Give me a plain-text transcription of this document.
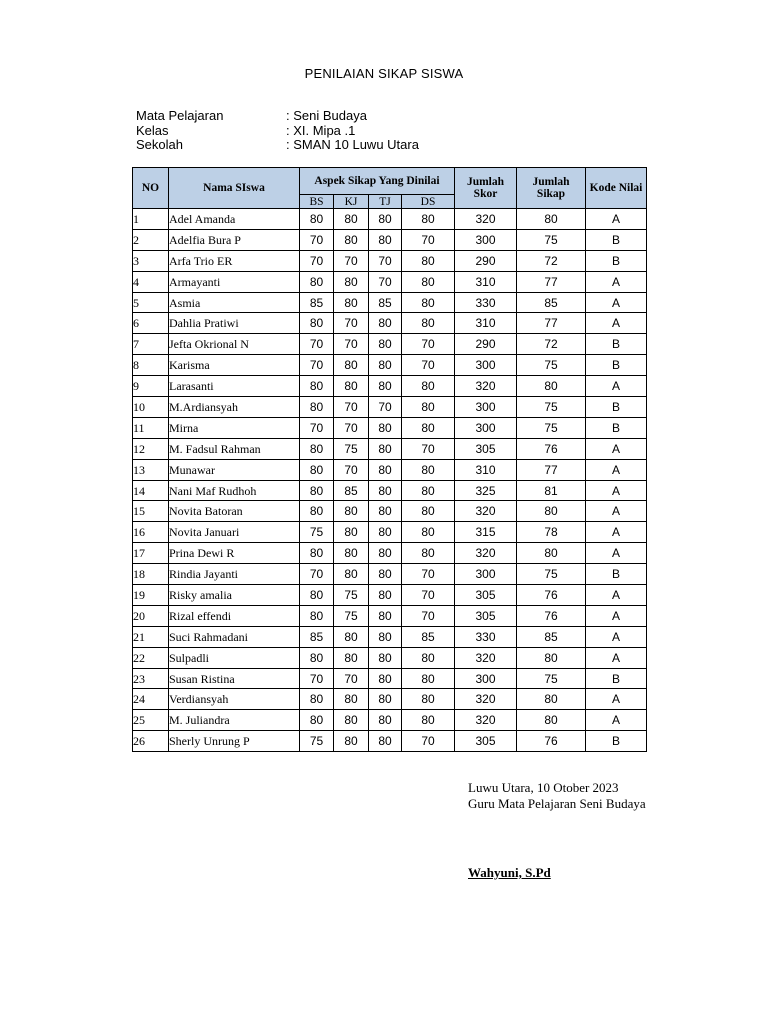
PENILAIAN SIKAP SISWA
Mata Pelajaran	: Seni Budaya
Kelas	: XI. Mipa .1
Sekolah	: SMAN 10 Luwu Utara
NO	Nama SIswa	Aspek Sikap Yang Dinilai				Jumlah Skor	Jumlah Sikap	Kode Nilai
		BS	KJ	TJ	DS			
1	Adel Amanda	80	80	80	80	320	80	A
2	Adelfia Bura P	70	80	80	70	300	75	B
3	Arfa Trio ER	70	70	70	80	290	72	B
4	Armayanti	80	80	70	80	310	77	A
5	Asmia	85	80	85	80	330	85	A
6	Dahlia Pratiwi	80	70	80	80	310	77	A
7	Jefta Okrional N	70	70	80	70	290	72	B
8	Karisma	70	80	80	70	300	75	B
9	Larasanti	80	80	80	80	320	80	A
10	M.Ardiansyah	80	70	70	80	300	75	B
11	Mirna	70	70	80	80	300	75	B
12	M. Fadsul Rahman	80	75	80	70	305	76	A
13	Munawar	80	70	80	80	310	77	A
14	Nani Maf Rudhoh	80	85	80	80	325	81	A
15	Novita Batoran	80	80	80	80	320	80	A
16	Novita Januari	75	80	80	80	315	78	A
17	Prina Dewi R	80	80	80	80	320	80	A
18	Rindia Jayanti	70	80	80	70	300	75	B
19	Risky amalia	80	75	80	70	305	76	A
20	Rizal effendi	80	75	80	70	305	76	A
21	Suci Rahmadani	85	80	80	85	330	85	A
22	Sulpadli	80	80	80	80	320	80	A
23	Susan Ristina	70	70	80	80	300	75	B
24	Verdiansyah	80	80	80	80	320	80	A
25	M. Juliandra	80	80	80	80	320	80	A
26	Sherly Unrung P	75	80	80	70	305	76	B
Luwu Utara, 10 Otober 2023
Guru Mata Pelajaran Seni Budaya
Wahyuni, S.Pd
